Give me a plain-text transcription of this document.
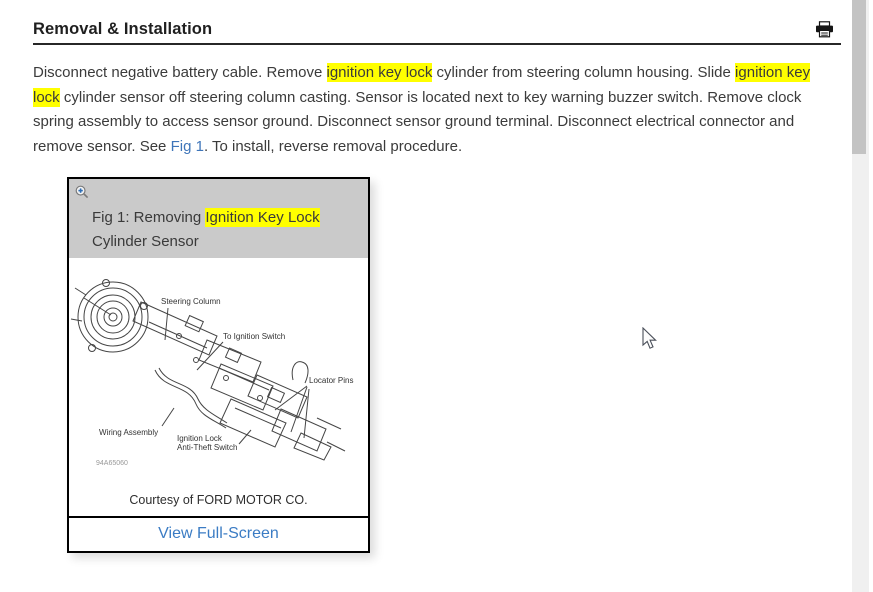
Removal & Installation

Disconnect negative battery cable. Remove ignition key lock cylinder from steering column housing. Slide ignition key lock cylinder sensor off steering column casting. Sensor is located next to key warning buzzer switch. Remove clock spring assembly to access sensor ground. Disconnect sensor ground terminal. Disconnect electrical connector and remove sensor. See Fig 1. To install, reverse removal procedure.

Fig 1: Removing Ignition Key Lock Cylinder Sensor
Steering Column
To Ignition Switch
Locator Pins
Wiring Assembly
Ignition Lock
Anti-Theft Switch
94A65060
Courtesy of FORD MOTOR CO.
View Full-Screen
